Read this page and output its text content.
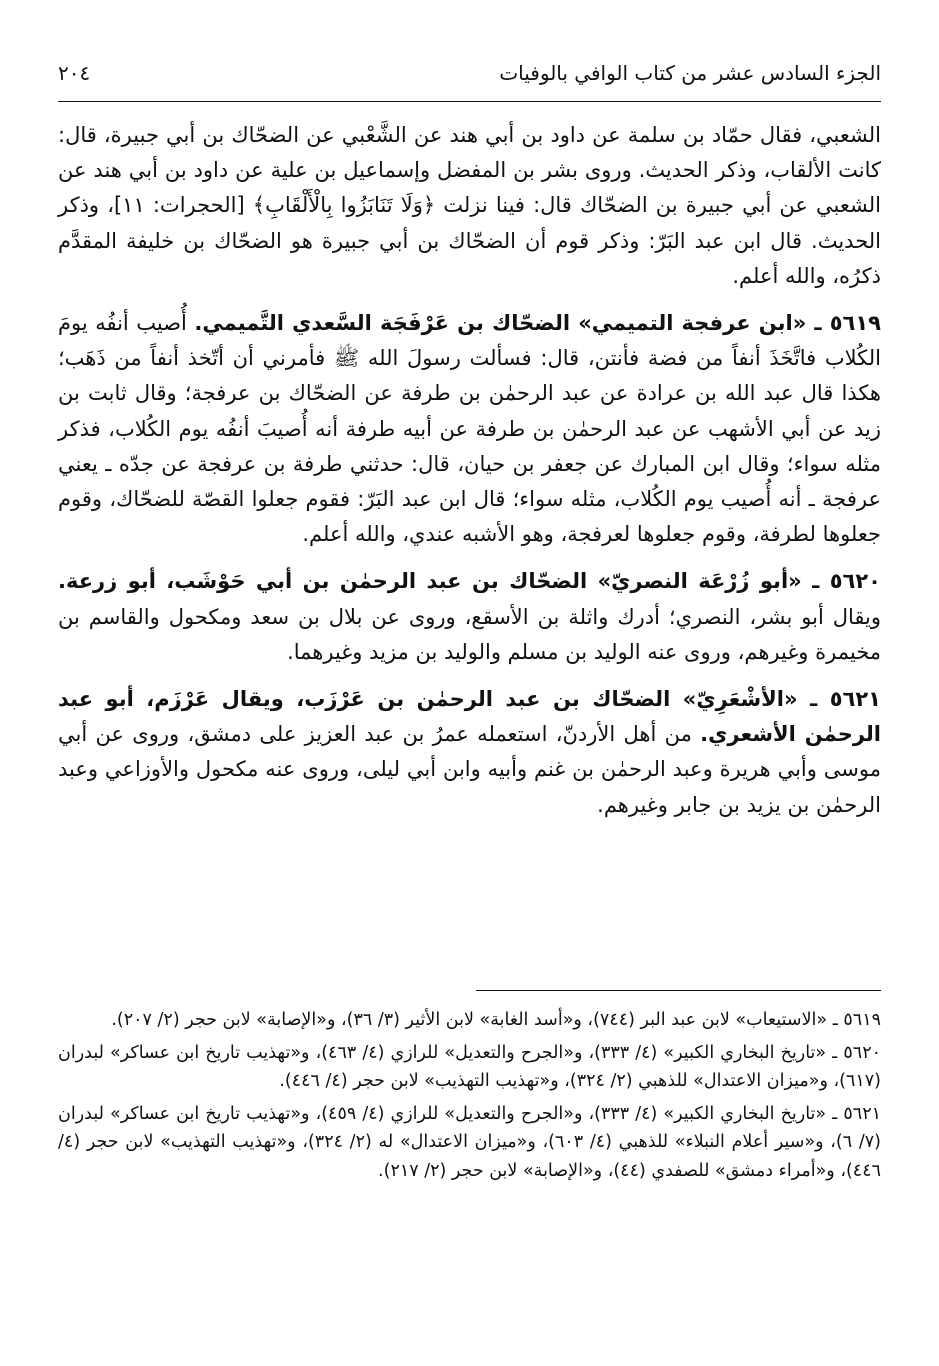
الجزء السادس عشر من كتاب الوافي بالوفيات
٢٠٤

الشعبي، فقال حمّاد بن سلمة عن داود بن أبي هند عن الشَّعْبي عن الضحّاك بن أبي جبيرة، قال: كانت الألقاب، وذكر الحديث. وروى بشر بن المفضل وإسماعيل بن علية عن داود بن أبي هند عن الشعبي عن أبي جبيرة بن الضحّاك قال: فينا نزلت ﴿وَلَا تَنَابَزُوا بِالْأَلْقَابِ﴾ [الحجرات: ١١]، وذكر الحديث. قال ابن عبد البَرّ: وذكر قوم أن الضحّاك بن أبي جبيرة هو الضحّاك بن خليفة المقدَّم ذكرُه، والله أعلم.

٥٦١٩ ـ «ابن عرفجة التميمي» الضحّاك بن عَرْفَجَة السَّعدي التَّميمي. أُصيب أنفُه يومَ الكُلاب فاتَّخَذَ أنفاً من فضة فأنتن، قال: فسألت رسولَ الله ﷺ فأمرني أن أتّخذ أنفاً من ذَهَب؛ هكذا قال عبد الله بن عرادة عن عبد الرحمٰن بن طرفة عن الضحّاك بن عرفجة؛ وقال ثابت بن زيد عن أبي الأشهب عن عبد الرحمٰن بن طرفة عن أبيه طرفة أنه أُصيبَ أنفُه يوم الكُلاب، فذكر مثله سواء؛ وقال ابن المبارك عن جعفر بن حيان، قال: حدثني طرفة بن عرفجة عن جدّه ـ يعني عرفجة ـ أنه أُصيب يوم الكُلاب، مثله سواء؛ قال ابن عبد البَرّ: فقوم جعلوا القصّة للضحّاك، وقوم جعلوها لطرفة، وقوم جعلوها لعرفجة، وهو الأشبه عندي، والله أعلم.

٥٦٢٠ ـ «أبو زُرْعَة النصريّ» الضحّاك بن عبد الرحمٰن بن أبي حَوْشَب، أبو زرعة. ويقال أبو بشر، النصري؛ أدرك واثلة بن الأسقع، وروى عن بلال بن سعد ومكحول والقاسم بن مخيمرة وغيرهم، وروى عنه الوليد بن مسلم والوليد بن مزيد وغيرهما.

٥٦٢١ ـ «الأشْعَرِيّ» الضحّاك بن عبد الرحمٰن بن عَرْزَب، ويقال عَرْزَم، أبو عبد الرحمٰن الأشعري. من أهل الأردنّ، استعمله عمرُ بن عبد العزيز على دمشق، وروى عن أبي موسى وأبي هريرة وعبد الرحمٰن بن غنم وأبيه وابن أبي ليلى، وروى عنه مكحول والأوزاعي وعبد الرحمٰن بن يزيد بن جابر وغيرهم.

٥٦١٩ ـ «الاستيعاب» لابن عبد البر (٧٤٤)، و«أسد الغابة» لابن الأثير (٣/ ٣٦)، و«الإصابة» لابن حجر (٢/ ٢٠٧).

٥٦٢٠ ـ «تاريخ البخاري الكبير» (٤/ ٣٣٣)، و«الجرح والتعديل» للرازي (٤/ ٤٦٣)، و«تهذيب تاريخ ابن عساكر» لبدران (٦١٧)، و«ميزان الاعتدال» للذهبي (٢/ ٣٢٤)، و«تهذيب التهذيب» لابن حجر (٤/ ٤٤٦).

٥٦٢١ ـ «تاريخ البخاري الكبير» (٤/ ٣٣٣)، و«الجرح والتعديل» للرازي (٤/ ٤٥٩)، و«تهذيب تاريخ ابن عساكر» لبدران (٧/ ٦)، و«سير أعلام النبلاء» للذهبي (٤/ ٦٠٣)، و«ميزان الاعتدال» له (٢/ ٣٢٤)، و«تهذيب التهذيب» لابن حجر (٤/ ٤٤٦)، و«أمراء دمشق» للصفدي (٤٤)، و«الإصابة» لابن حجر (٢/ ٢١٧).
